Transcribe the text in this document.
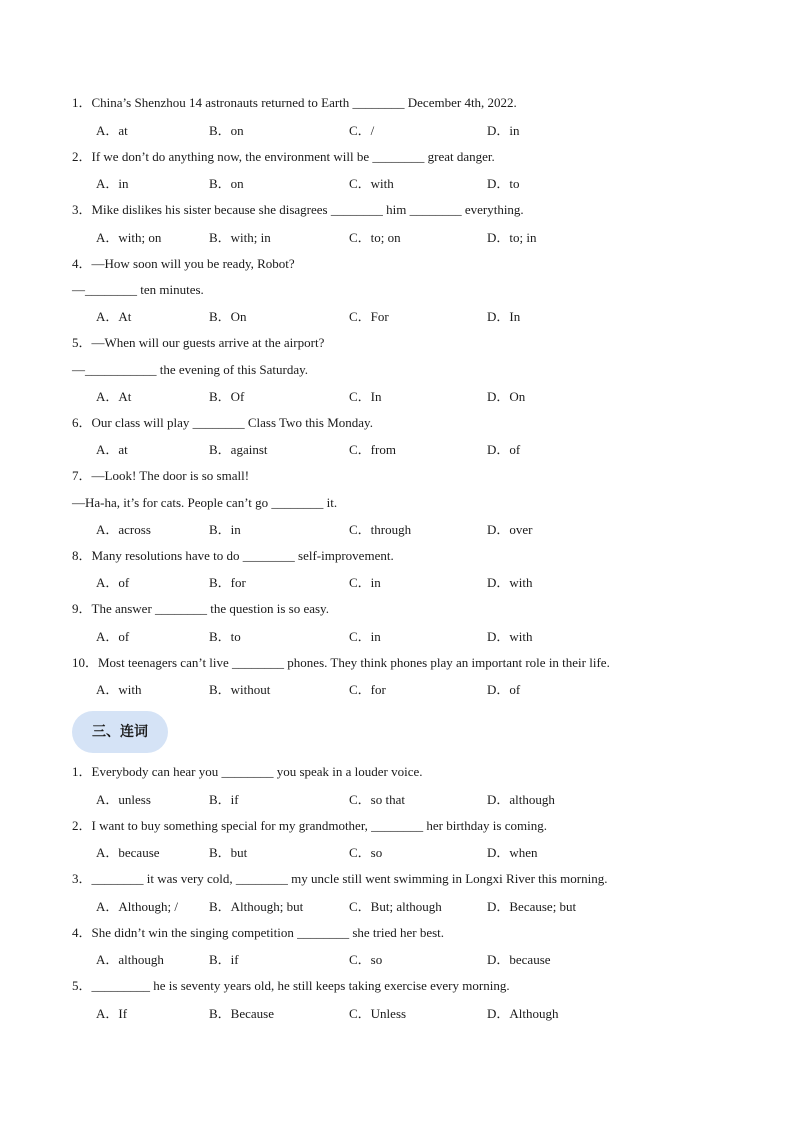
1．China’s Shenzhou 14 astronauts returned to Earth ________ December 4th, 2022.
A．at	B．on	C．/	D．in
2．If we don’t do anything now, the environment will be ________ great danger.
A．in	B．on	C．with	D．to
3．Mike dislikes his sister because she disagrees ________ him ________ everything.
A．with; on	B．with; in	C．to; on	D．to; in
4．—How soon will you be ready, Robot?
—________ ten minutes.
A．At	B．On	C．For	D．In
5．—When will our guests arrive at the airport?
—___________ the evening of this Saturday.
A．At	B．Of	C．In	D．On
6．Our class will play ________ Class Two this Monday.
A．at	B．against	C．from	D．of
7．—Look! The door is so small!
—Ha-ha, it’s for cats. People can’t go ________ it.
A．across	B．in	C．through	D．over
8．Many resolutions have to do ________ self-improvement.
A．of	B．for	C．in	D．with
9．The answer ________ the question is so easy.
A．of	B．to	C．in	D．with
10．Most teenagers can’t live ________ phones. They think phones play an important role in their life.
A．with	B．without	C．for	D．of
三、连词
1．Everybody can hear you ________ you speak in a louder voice.
A．unless	B．if	C．so that	D．although
2．I want to buy something special for my grandmother, ________ her birthday is coming.
A．because	B．but	C．so	D．when
3．________ it was very cold, ________ my uncle still went swimming in Longxi River this morning.
A．Although; / B．Although; but	C．But; although	D．Because; but
4．She didn’t win the singing competition ________ she tried her best.
A．although	B．if	C．so	D．because
5．_________ he is seventy years old, he still keeps taking exercise every morning.
A．If	B．Because	C．Unless	D．Although
